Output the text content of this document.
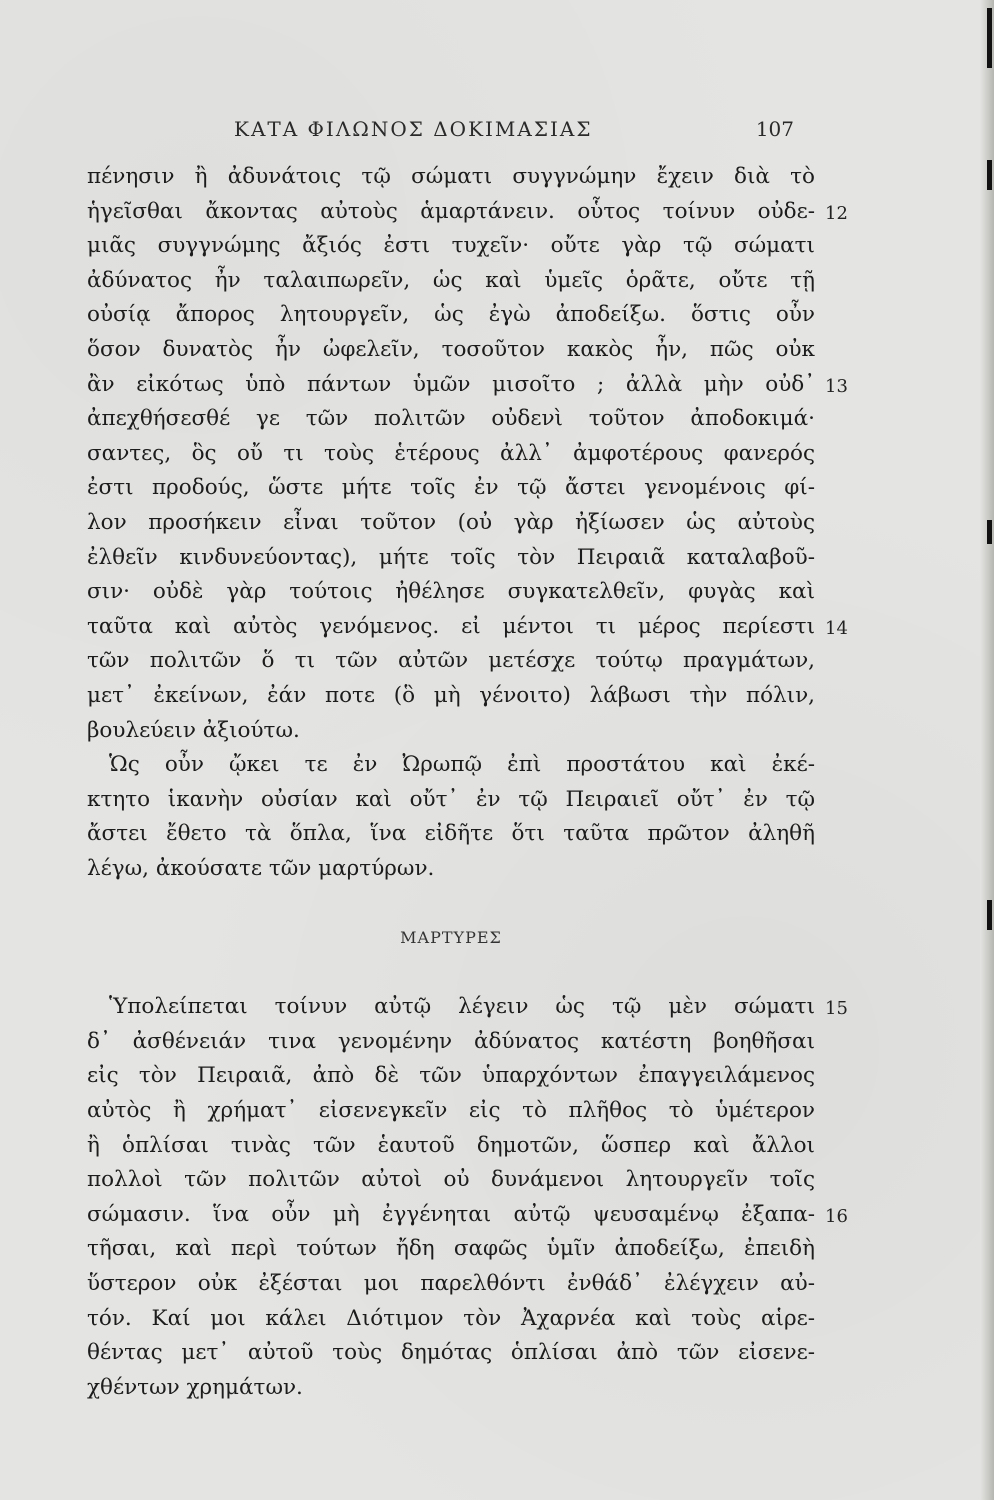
ΚΑΤΑ ΦΙΛΩΝΟΣ ΔΟΚΙΜΑΣΙΑΣ	107
πένησιν ἢ ἀδυνάτοις τῷ σώματι συγγνώμην ἔχειν διὰ τὸ
ἡγεῖσθαι ἄκοντας αὐτοὺς ἁμαρτάνειν. οὗτος τοίνυν οὐδε- 12
μιᾶς συγγνώμης ἄξιός ἐστι τυχεῖν· οὔτε γὰρ τῷ σώματι
ἀδύνατος ἦν ταλαιπωρεῖν, ὡς καὶ ὑμεῖς ὁρᾶτε, οὔτε τῇ
οὐσίᾳ ἄπορος λητουργεῖν, ὡς ἐγὼ ἀποδείξω. ὅστις οὖν
ὅσον δυνατὸς ἦν ὠφελεῖν, τοσοῦτον κακὸς ἦν, πῶς οὐκ
ἂν εἰκότως ὑπὸ πάντων ὑμῶν μισοῖτο ; ἀλλὰ μὴν οὐδ᾽ 13
ἀπεχθήσεσθέ γε τῶν πολιτῶν οὐδενὶ τοῦτον ἀποδοκιμά·
σαντες, ὃς οὔ τι τοὺς ἑτέρους ἀλλ᾽ ἀμφοτέρους φανερός
ἐστι προδούς, ὥστε μήτε τοῖς ἐν τῷ ἄστει γενομένοις φί-
λον προσήκειν εἶναι τοῦτον (οὐ γὰρ ἠξίωσεν ὡς αὐτοὺς
ἐλθεῖν κινδυνεύοντας), μήτε τοῖς τὸν Πειραιᾶ καταλαβοῦ-
σιν· οὐδὲ γὰρ τούτοις ἠθέλησε συγκατελθεῖν, φυγὰς καὶ
ταῦτα καὶ αὐτὸς γενόμενος. εἰ μέντοι τι μέρος περίεστι 14
τῶν πολιτῶν ὅ τι τῶν αὐτῶν μετέσχε τούτῳ πραγμάτων,
μετ᾽ ἐκείνων, ἐάν ποτε (ὃ μὴ γένοιτο) λάβωσι τὴν πόλιν,
βουλεύειν ἀξιούτω.
Ὡς οὖν ᾤκει τε ἐν Ὠρωπῷ ἐπὶ προστάτου καὶ ἐκέ-
κτητο ἱκανὴν οὐσίαν καὶ οὔτ᾽ ἐν τῷ Πειραιεῖ οὔτ᾽ ἐν τῷ
ἄστει ἔθετο τὰ ὅπλα, ἵνα εἰδῆτε ὅτι ταῦτα πρῶτον ἀληθῆ
λέγω, ἀκούσατε τῶν μαρτύρων.
ΜΑΡΤΥΡΕΣ
Ὑπολείπεται τοίνυν αὐτῷ λέγειν ὡς τῷ μὲν σώματι 15
δ᾽ ἀσθένειάν τινα γενομένην ἀδύνατος κατέστη βοηθῆσαι
εἰς τὸν Πειραιᾶ, ἀπὸ δὲ τῶν ὑπαρχόντων ἐπαγγειλάμενος
αὐτὸς ἢ χρήματ᾽ εἰσενεγκεῖν εἰς τὸ πλῆθος τὸ ὑμέτερον
ἢ ὁπλίσαι τινὰς τῶν ἑαυτοῦ δημοτῶν, ὥσπερ καὶ ἄλλοι
πολλοὶ τῶν πολιτῶν αὐτοὶ οὐ δυνάμενοι λητουργεῖν τοῖς
σώμασιν. ἵνα οὖν μὴ ἐγγένηται αὐτῷ ψευσαμένῳ ἐξαπα- 16
τῆσαι, καὶ περὶ τούτων ἤδη σαφῶς ὑμῖν ἀποδείξω, ἐπειδὴ
ὕστερον οὐκ ἐξέσται μοι παρελθόντι ἐνθάδ᾽ ἐλέγχειν αὐ-
τόν. Καί μοι κάλει Διότιμον τὸν Ἀχαρνέα καὶ τοὺς αἱρε-
θέντας μετ᾽ αὐτοῦ τοὺς δημότας ὁπλίσαι ἀπὸ τῶν εἰσενε-
χθέντων χρημάτων.
